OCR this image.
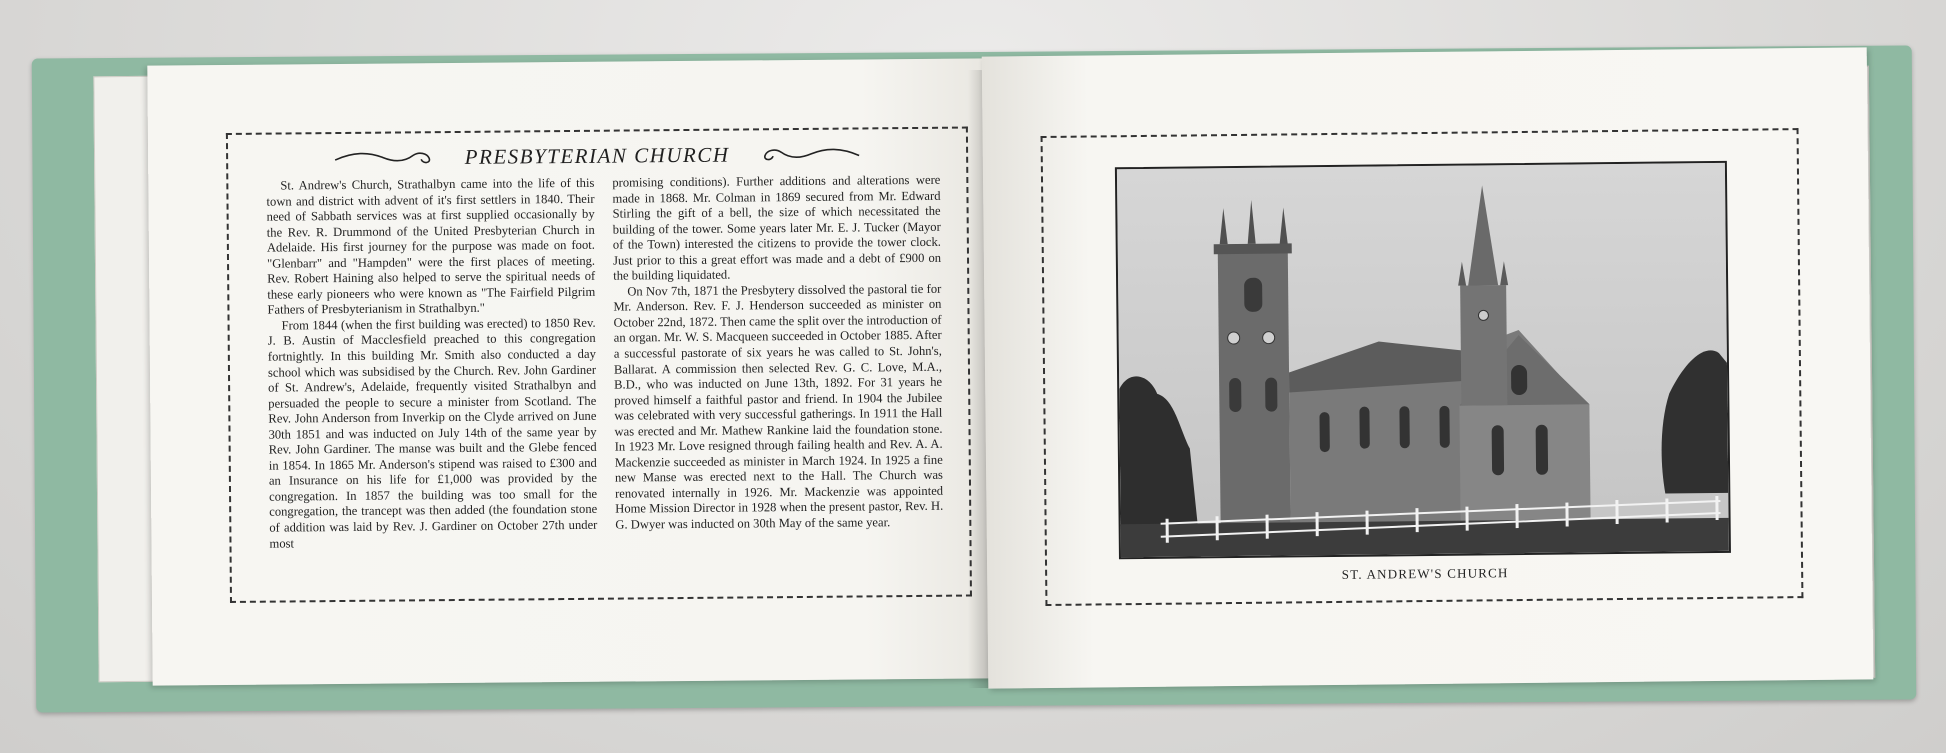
PRESBYTERIAN CHURCH

St. Andrew's Church, Strathalbyn came into the life of this town and district with advent of it's first settlers in 1840. Their need of Sabbath services was at first supplied occasionally by the Rev. R. Drummond of the United Presbyterian Church in Adelaide. His first journey for the purpose was made on foot. "Glenbarr" and "Hampden" were the first places of meeting. Rev. Robert Haining also helped to serve the spiritual needs of these early pioneers who were known as "The Fairfield Pilgrim Fathers of Presbyterianism in Strathalbyn."

From 1844 (when the first building was erected) to 1850 Rev. J. B. Austin of Macclesfield preached to this congregation fortnightly. In this building Mr. Smith also conducted a day school which was subsidised by the Church. Rev. John Gardiner of St. Andrew's, Adelaide, frequently visited Strathalbyn and persuaded the people to secure a minister from Scotland. The Rev. John Anderson from Inverkip on the Clyde arrived on June 30th 1851 and was inducted on July 14th of the same year by Rev. John Gardiner. The manse was built and the Glebe fenced in 1854. In 1865 Mr. Anderson's stipend was raised to £300 and an Insurance on his life for £1,000 was provided by the congregation. In 1857 the building was too small for the congregation, the trancept was then added (the foundation stone of addition was laid by Rev. J. Gardiner on October 27th under most

promising conditions). Further additions and alterations were made in 1868. Mr. Colman in 1869 secured from Mr. Edward Stirling the gift of a bell, the size of which necessitated the building of the tower. Some years later Mr. E. J. Tucker (Mayor of the Town) interested the citizens to provide the tower clock. Just prior to this a great effort was made and a debt of £900 on the building liquidated.

On Nov 7th, 1871 the Presbytery dissolved the pastoral tie for Mr. Anderson. Rev. F. J. Henderson succeeded as minister on October 22nd, 1872. Then came the split over the introduction of an organ. Mr. W. S. Macqueen succeeded in October 1885. After a successful pastorate of six years he was called to St. John's, Ballarat. A commission then selected Rev. G. C. Love, M.A., B.D., who was inducted on June 13th, 1892. For 31 years he proved himself a faithful pastor and friend. In 1904 the Jubilee was celebrated with very successful gatherings. In 1911 the Hall was erected and Mr. Mathew Rankine laid the foundation stone. In 1923 Mr. Love resigned through failing health and Rev. A. A. Mackenzie succeeded as minister in March 1924. In 1925 a fine new Manse was erected next to the Hall. The Church was renovated internally in 1926. Mr. Mackenzie was appointed Home Mission Director in 1928 when the present pastor, Rev. H. G. Dwyer was inducted on 30th May of the same year.

ST. ANDREW'S CHURCH
